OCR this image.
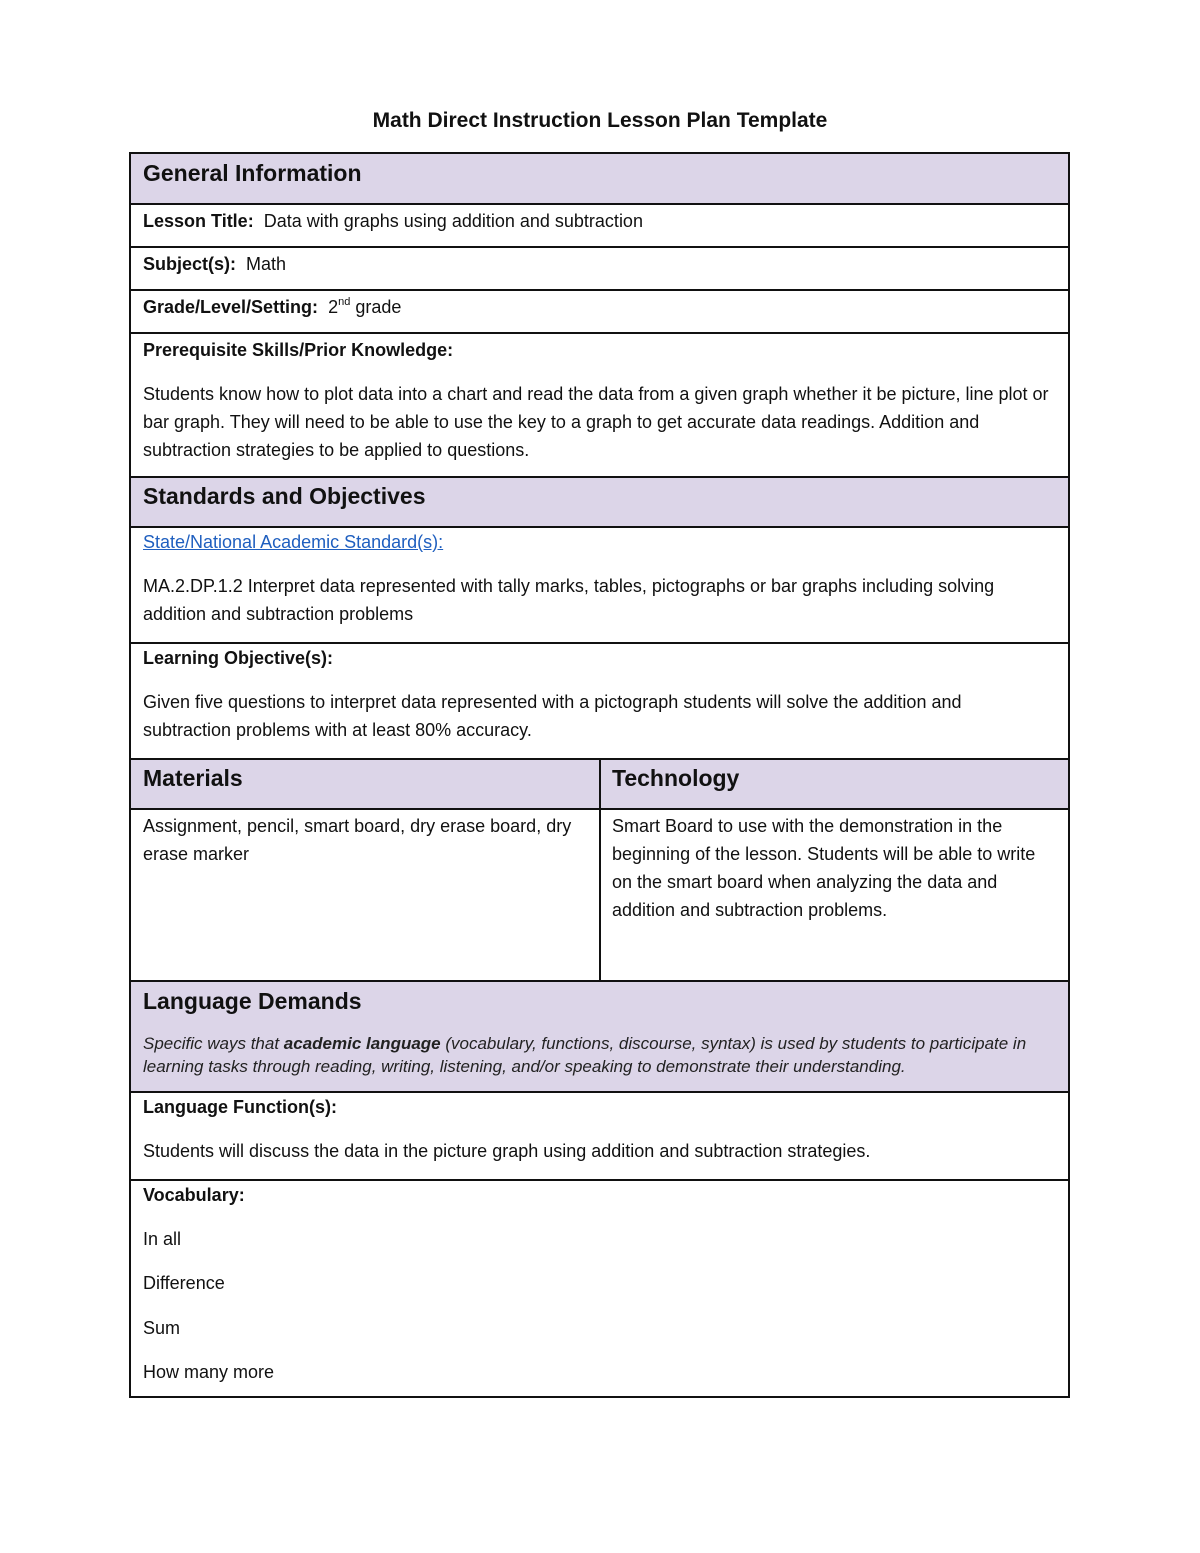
Math Direct Instruction Lesson Plan Template
General Information
Lesson Title: Data with graphs using addition and subtraction
Subject(s): Math
Grade/Level/Setting: 2nd grade
Prerequisite Skills/Prior Knowledge:
Students know how to plot data into a chart and read the data from a given graph whether it be picture, line plot or bar graph. They will need to be able to use the key to a graph to get accurate data readings. Addition and subtraction strategies to be applied to questions.
Standards and Objectives
State/National Academic Standard(s):
MA.2.DP.1.2 Interpret data represented with tally marks, tables, pictographs or bar graphs including solving addition and subtraction problems
Learning Objective(s):
Given five questions to interpret data represented with a pictograph students will solve the addition and subtraction problems with at least 80% accuracy.
Materials	Technology
Assignment, pencil, smart board, dry erase board, dry erase marker
Smart Board to use with the demonstration in the beginning of the lesson. Students will be able to write on the smart board when analyzing the data and addition and subtraction problems.
Language Demands
Specific ways that academic language (vocabulary, functions, discourse, syntax) is used by students to participate in learning tasks through reading, writing, listening, and/or speaking to demonstrate their understanding.
Language Function(s):
Students will discuss the data in the picture graph using addition and subtraction strategies.
Vocabulary:
In all
Difference
Sum
How many more
